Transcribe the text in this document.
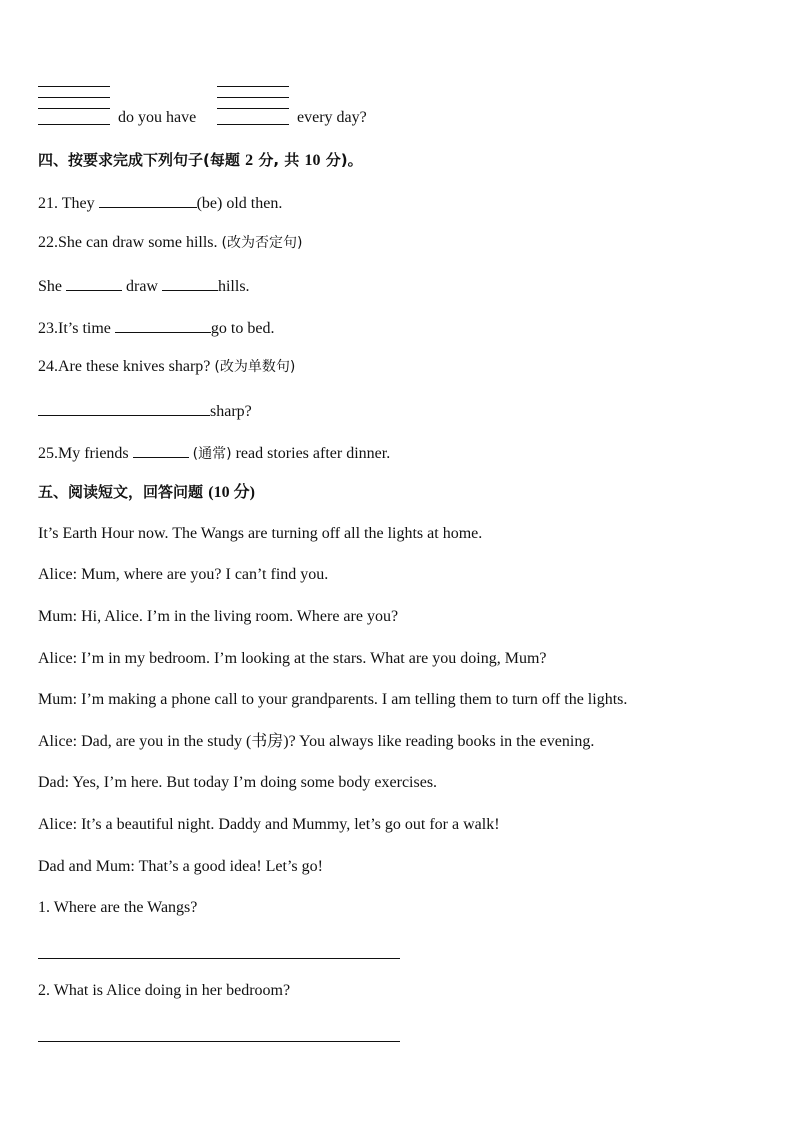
do you have	every day?
四、按要求完成下列句子(每题 2 分, 共 10 分)。
21. They	(be) old then.
22.She can draw some hills. (改为否定句)
She	draw	hills.
23.It’s time	go to bed.
24.Are these knives sharp? (改为单数句)
sharp?
25.My friends	(通常) read stories after dinner.
五、阅读短文，回答问题 (10 分)
It’s Earth Hour now. The Wangs are turning off all the lights at home.
Alice: Mum, where are you? I can’t find you.
Mum: Hi, Alice. I’m in the living room. Where are you?
Alice: I’m in my bedroom. I’m looking at the stars. What are you doing, Mum?
Mum: I’m making a phone call to your grandparents. I am telling them to turn off the lights.
Alice: Dad, are you in the study (书房)? You always like reading books in the evening.
Dad: Yes, I’m here. But today I’m doing some body exercises.
Alice: It’s a beautiful night. Daddy and Mummy, let’s go out for a walk!
Dad and Mum: That’s a good idea! Let’s go!
1. Where are the Wangs?
2. What is Alice doing in her bedroom?
